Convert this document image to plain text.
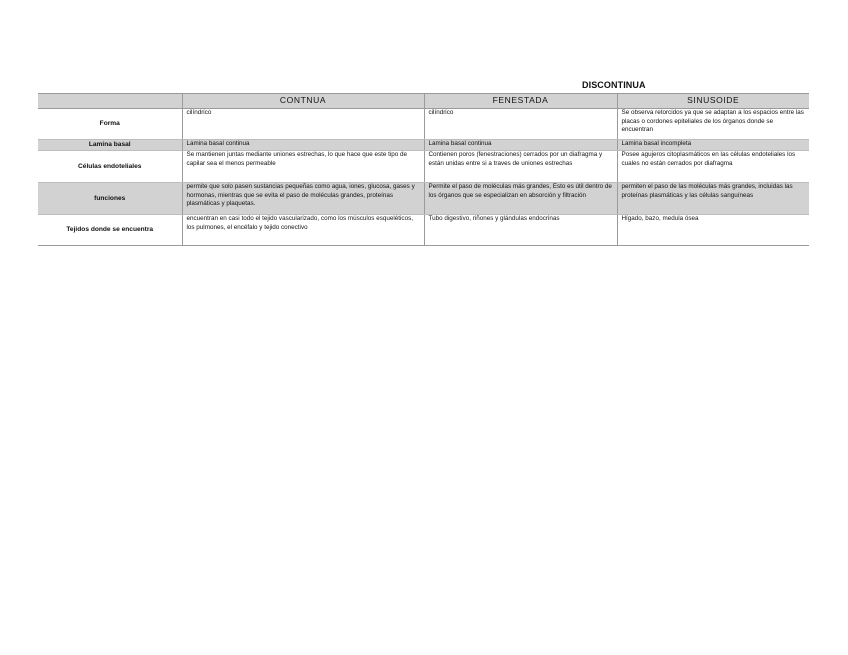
DISCONTINUA
	CONTNUA	FENESTADA	SINUSOIDE
Forma	cilíndrico	cilíndrico	Se observa retorcidos ya que se adaptan a los espacios entre las placas o cordones epiteliales de los órganos donde se encuentran
Lamina basal	Lamina basal continua	Lamina basal continua	Lamina basal incompleta
Células endoteliales	Se mantienen juntas mediante uniones estrechas, lo que hace que este tipo de capilar sea el menos permeable	Contienen poros (fenestraciones) cerrados por un diafragma y están unidas entre si a traves de uniones estrechas	Posee agujeros citoplasmáticos en las células endoteliales los cuales no están cerrados por diafragma
funciones	permite que solo pasen sustancias pequeñas como agua, iones, glucosa, gases y hormonas, mientras que se evita el paso de moléculas grandes, proteínas plasmáticas y plaquetas.	Permite el paso de moléculas más grandes, Esto es útil dentro de los órganos que se especializan en absorción y filtración	permiten el paso de las moléculas más grandes, incluidas las proteínas plasmáticas y las células sanguíneas
Tejidos donde se encuentra	encuentran en casi todo el tejido vascularizado, como los músculos esqueléticos, los pulmones, el encéfalo y tejido conectivo	Tubo digestivo, riñones y glándulas endocrinas	Hígado, bazo, medula ósea
